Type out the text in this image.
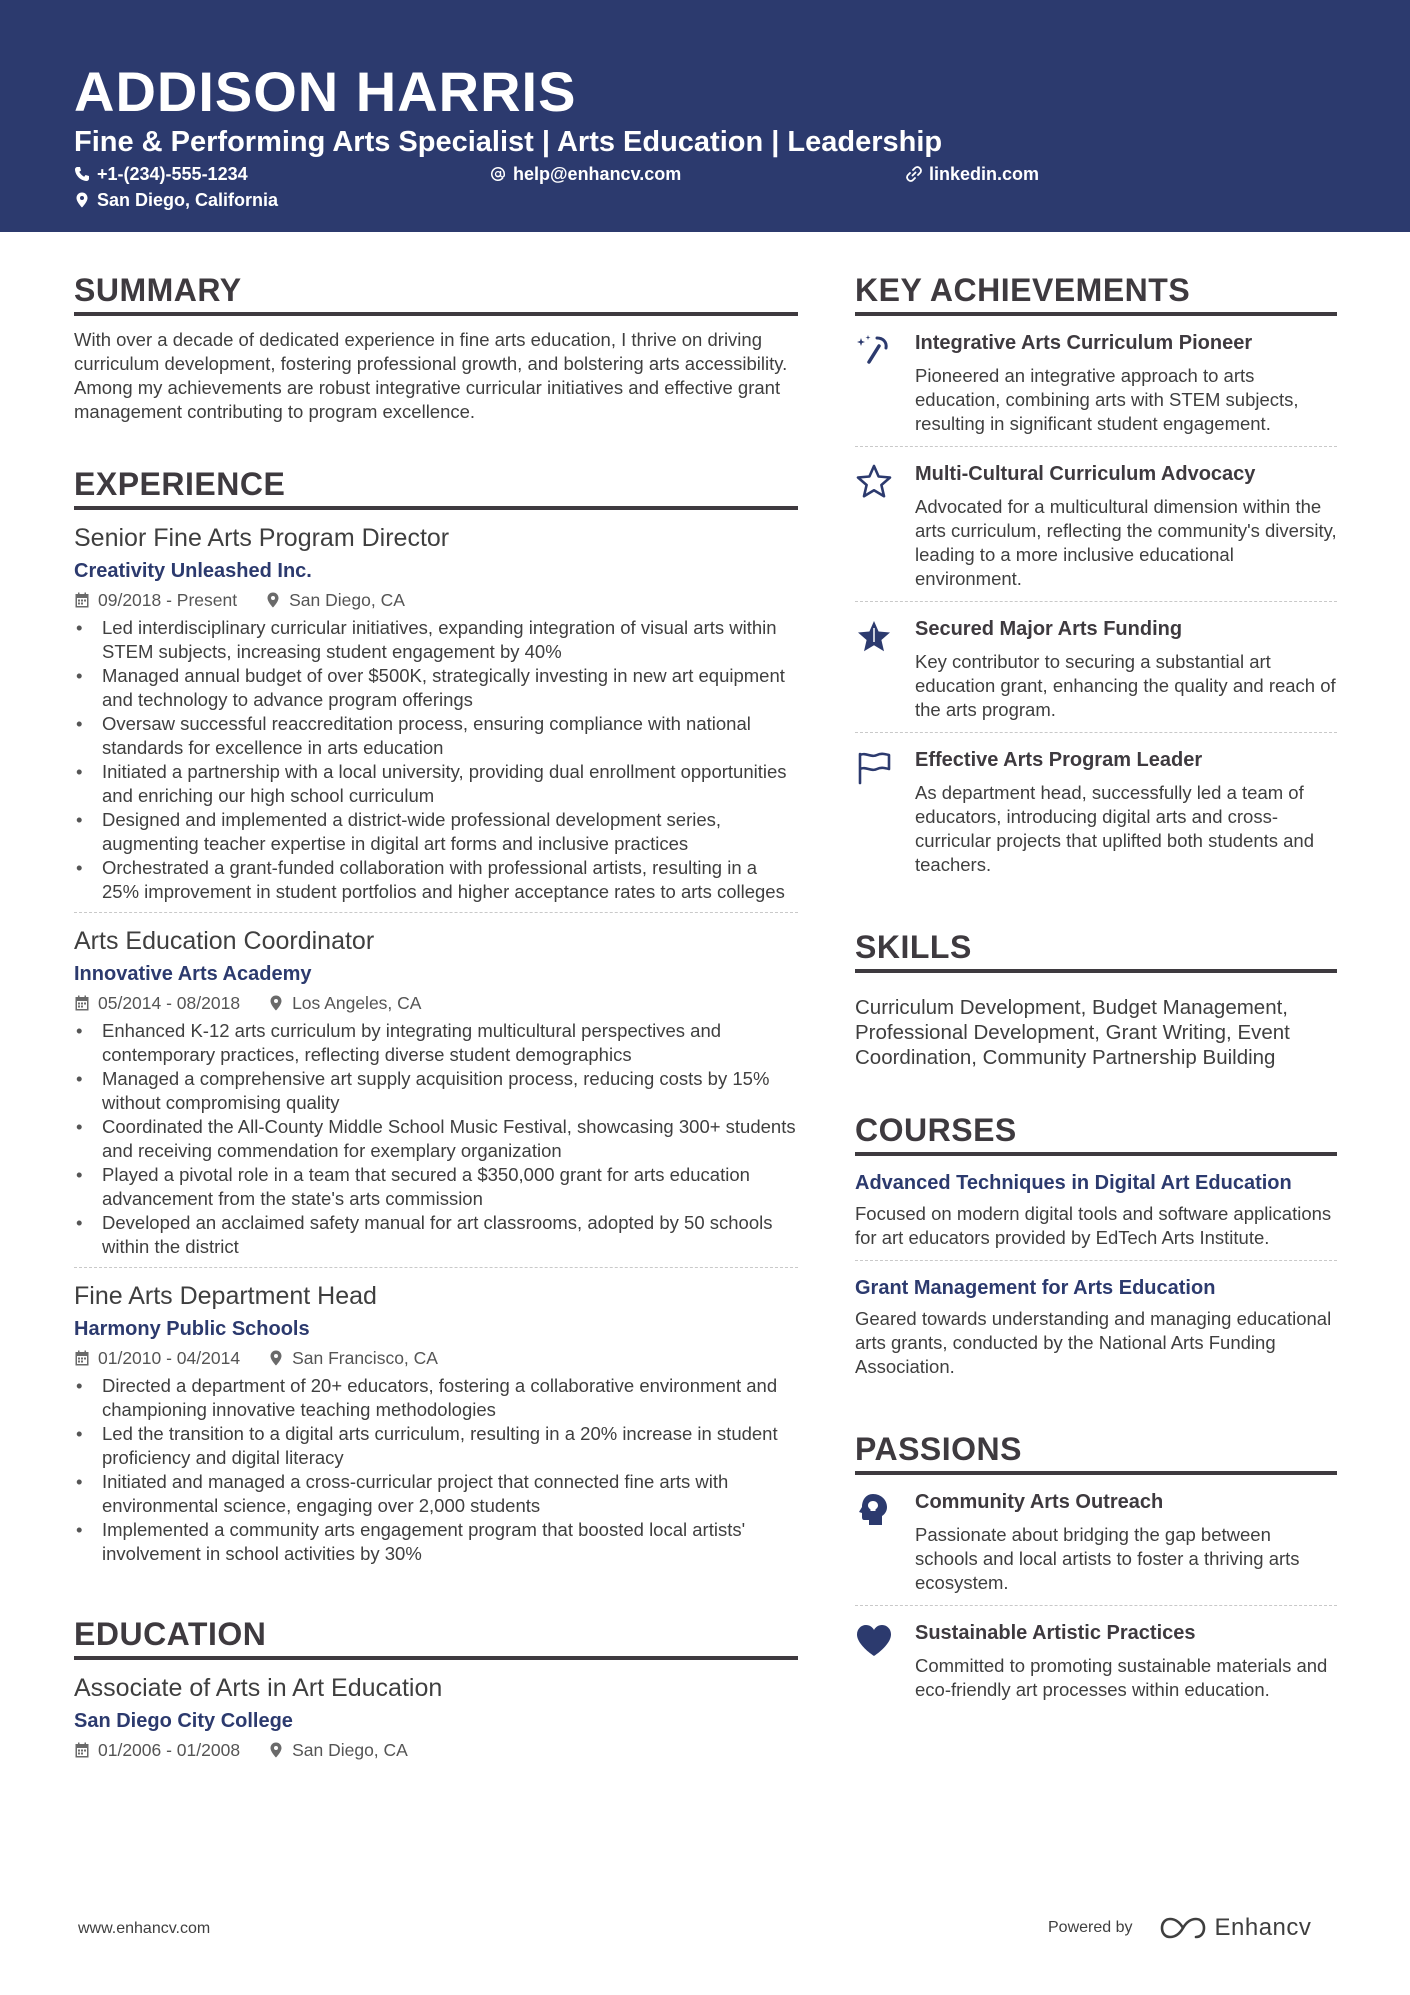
ADDISON HARRIS
Fine & Performing Arts Specialist | Arts Education | Leadership
+1-(234)-555-1234	help@enhancv.com	linkedin.com
San Diego, California
SUMMARY
With over a decade of dedicated experience in fine arts education, I thrive on driving curriculum development, fostering professional growth, and bolstering arts accessibility. Among my achievements are robust integrative curricular initiatives and effective grant management contributing to program excellence.
EXPERIENCE
Senior Fine Arts Program Director
Creativity Unleashed Inc.
09/2018 - Present	San Diego, CA
• Led interdisciplinary curricular initiatives, expanding integration of visual arts within STEM subjects, increasing student engagement by 40%
• Managed annual budget of over $500K, strategically investing in new art equipment and technology to advance program offerings
• Oversaw successful reaccreditation process, ensuring compliance with national standards for excellence in arts education
• Initiated a partnership with a local university, providing dual enrollment opportunities and enriching our high school curriculum
• Designed and implemented a district-wide professional development series, augmenting teacher expertise in digital art forms and inclusive practices
• Orchestrated a grant-funded collaboration with professional artists, resulting in a 25% improvement in student portfolios and higher acceptance rates to arts colleges
Arts Education Coordinator
Innovative Arts Academy
05/2014 - 08/2018	Los Angeles, CA
• Enhanced K-12 arts curriculum by integrating multicultural perspectives and contemporary practices, reflecting diverse student demographics
• Managed a comprehensive art supply acquisition process, reducing costs by 15% without compromising quality
• Coordinated the All-County Middle School Music Festival, showcasing 300+ students and receiving commendation for exemplary organization
• Played a pivotal role in a team that secured a $350,000 grant for arts education advancement from the state's arts commission
• Developed an acclaimed safety manual for art classrooms, adopted by 50 schools within the district
Fine Arts Department Head
Harmony Public Schools
01/2010 - 04/2014	San Francisco, CA
• Directed a department of 20+ educators, fostering a collaborative environment and championing innovative teaching methodologies
• Led the transition to a digital arts curriculum, resulting in a 20% increase in student proficiency and digital literacy
• Initiated and managed a cross-curricular project that connected fine arts with environmental science, engaging over 2,000 students
• Implemented a community arts engagement program that boosted local artists' involvement in school activities by 30%
EDUCATION
Associate of Arts in Art Education
San Diego City College
01/2006 - 01/2008	San Diego, CA
KEY ACHIEVEMENTS
Integrative Arts Curriculum Pioneer
Pioneered an integrative approach to arts education, combining arts with STEM subjects, resulting in significant student engagement.
Multi-Cultural Curriculum Advocacy
Advocated for a multicultural dimension within the arts curriculum, reflecting the community's diversity, leading to a more inclusive educational environment.
Secured Major Arts Funding
Key contributor to securing a substantial art education grant, enhancing the quality and reach of the arts program.
Effective Arts Program Leader
As department head, successfully led a team of educators, introducing digital arts and cross-curricular projects that uplifted both students and teachers.
SKILLS
Curriculum Development, Budget Management, Professional Development, Grant Writing, Event Coordination, Community Partnership Building
COURSES
Advanced Techniques in Digital Art Education
Focused on modern digital tools and software applications for art educators provided by EdTech Arts Institute.
Grant Management for Arts Education
Geared towards understanding and managing educational arts grants, conducted by the National Arts Funding Association.
PASSIONS
Community Arts Outreach
Passionate about bridging the gap between schools and local artists to foster a thriving arts ecosystem.
Sustainable Artistic Practices
Committed to promoting sustainable materials and eco-friendly art processes within education.
www.enhancv.com	Powered by	Enhancv
